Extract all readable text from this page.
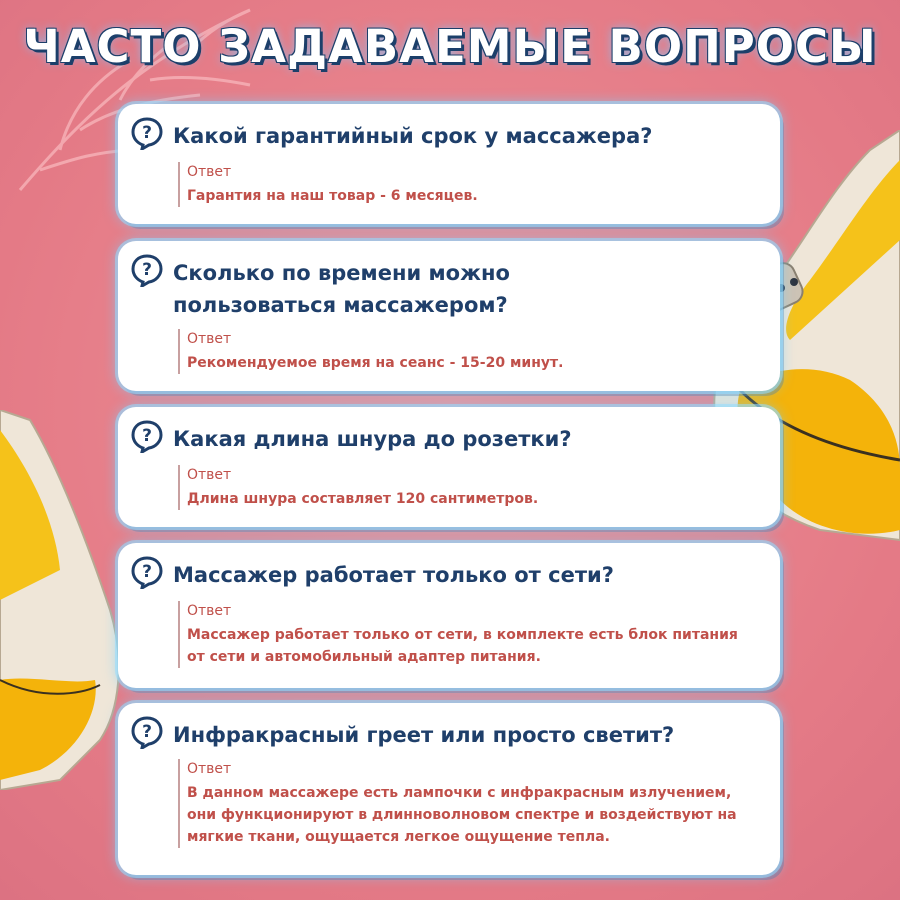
ЧАСТО ЗАДАВАЕМЫЕ ВОПРОСЫ
? Какой гарантийный срок у массажера?
Ответ
Гарантия на наш товар - 6 месяцев.
? Сколько по времени можно пользоваться массажером?
Ответ
Рекомендуемое время на сеанс - 15-20 минут.
? Какая длина шнура до розетки?
Ответ
Длина шнура составляет 120 сантиметров.
? Массажер работает только от сети?
Ответ
Массажер работает только от сети, в комплекте есть блок питания от сети и автомобильный адаптер питания.
? Инфракрасный греет или просто светит?
Ответ
В данном массажере есть лампочки с инфракрасным излучением, они функционируют в длинноволновом спектре и воздействуют на мягкие ткани, ощущается легкое ощущение тепла.
